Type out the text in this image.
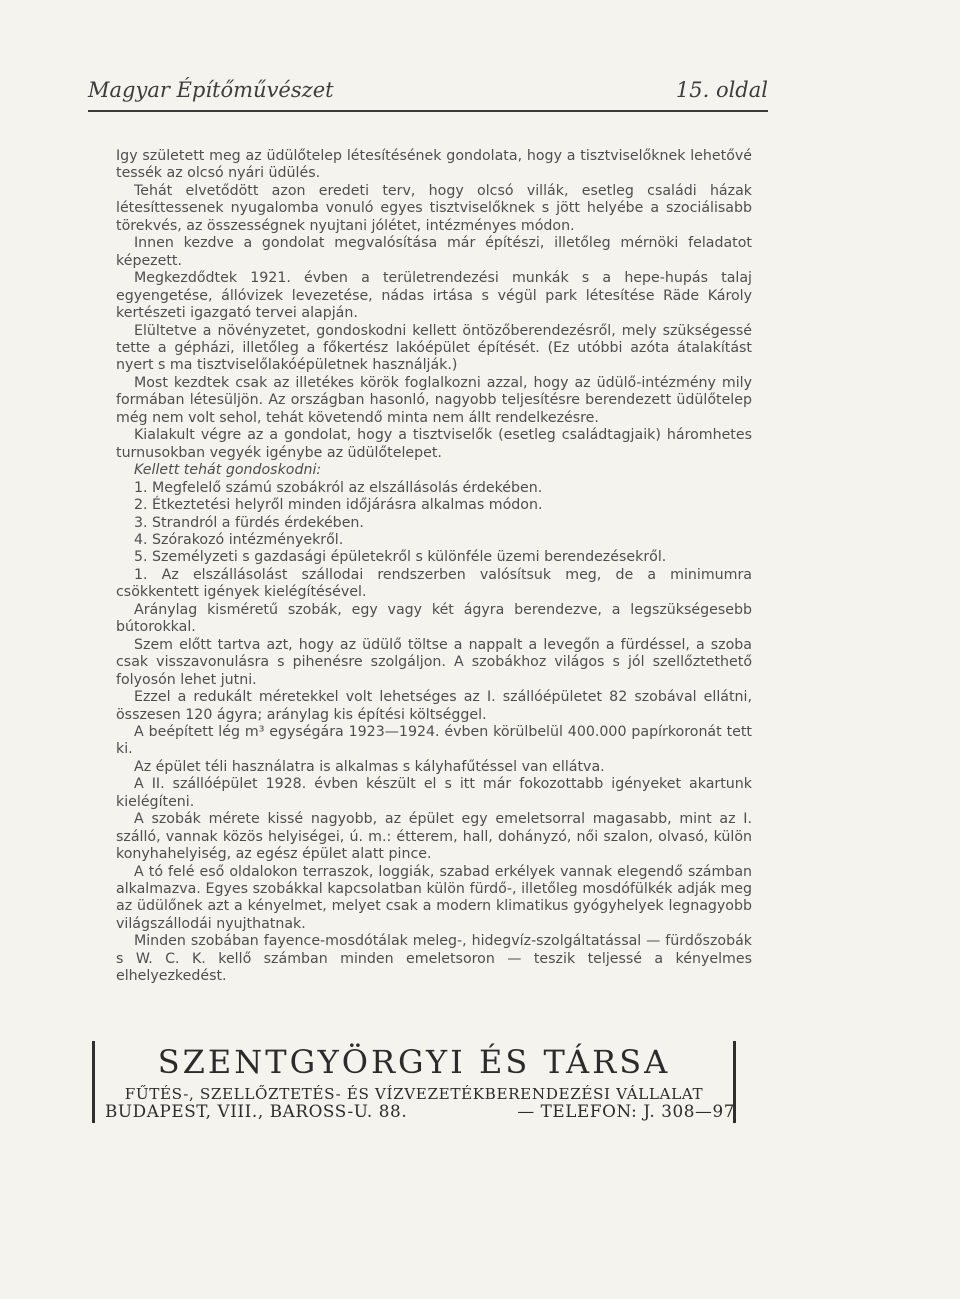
Magyar Építőművészet	15. oldal

Igy született meg az üdülőtelep létesítésének gondolata, hogy a tisztviselőknek lehetővé tessék az olcsó nyári üdülés.

Tehát elvetődött azon eredeti terv, hogy olcsó villák, esetleg családi házak létesíttessenek nyugalomba vonuló egyes tisztviselőknek s jött helyébe a szociálisabb törekvés, az összességnek nyujtani jólétet, intézményes módon.

Innen kezdve a gondolat megvalósítása már építészi, illetőleg mérnöki feladatot képezett.

Megkezdődtek 1921. évben a területrendezési munkák s a hepe-hupás talaj egyengetése, állóvizek levezetése, nádas irtása s végül park létesítése Räde Károly kertészeti igazgató tervei alapján.

Elültetve a növényzetet, gondoskodni kellett öntözőberendezésről, mely szükségessé tette a gépházi, illetőleg a főkertész lakóépület építését. (Ez utóbbi azóta átalakítást nyert s ma tisztviselőlakóépületnek használják.)

Most kezdtek csak az illetékes körök foglalkozni azzal, hogy az üdülő-intézmény mily formában létesüljön. Az országban hasonló, nagyobb teljesítésre berendezett üdülőtelep még nem volt sehol, tehát követendő minta nem állt rendelkezésre.

Kialakult végre az a gondolat, hogy a tisztviselők (esetleg családtagjaik) háromhetes turnusokban vegyék igénybe az üdülőtelepet.

Kellett tehát gondoskodni:

1. Megfelelő számú szobákról az elszállásolás érdekében.
2. Étkeztetési helyről minden időjárásra alkalmas módon.
3. Strandról a fürdés érdekében.
4. Szórakozó intézményekről.
5. Személyzeti s gazdasági épületekről s különféle üzemi berendezésekről.

1. Az elszállásolást szállodai rendszerben valósítsuk meg, de a minimumra csökkentett igények kielégítésével.

Aránylag kisméretű szobák, egy vagy két ágyra berendezve, a legszükségesebb bútorokkal.

Szem előtt tartva azt, hogy az üdülő töltse a nappalt a levegőn a fürdéssel, a szoba csak visszavonulásra s pihenésre szolgáljon. A szobákhoz világos s jól szellőztethető folyosón lehet jutni.

Ezzel a redukált méretekkel volt lehetséges az I. szállóépületet 82 szobával ellátni, összesen 120 ágyra; aránylag kis építési költséggel.

A beépített lég m³ egységára 1923—1924. évben körülbelül 400.000 papírkoronát tett ki.

Az épület téli használatra is alkalmas s kályhafűtéssel van ellátva.

A II. szállóépület 1928. évben készült el s itt már fokozottabb igényeket akartunk kielégíteni.

A szobák mérete kissé nagyobb, az épület egy emeletsorral magasabb, mint az I. szálló, vannak közös helyiségei, ú. m.: étterem, hall, dohányzó, női szalon, olvasó, külön konyhahelyiség, az egész épület alatt pince.

A tó felé eső oldalokon terraszok, loggiák, szabad erkélyek vannak elegendő számban alkalmazva. Egyes szobákkal kapcsolatban külön fürdő-, illetőleg mosdófülkék adják meg az üdülőnek azt a kényelmet, melyet csak a modern klimatikus gyógyhelyek legnagyobb világszállodái nyujthatnak.

Minden szobában fayence-mosdótálak meleg-, hidegvíz-szolgáltatással — fürdőszobák s W. C. K. kellő számban minden emeletsoron — teszik teljessé a kényelmes elhelyezkedést.

SZENTGYÖRGYI ÉS TÁRSA
FŰTÉS-, SZELLŐZTETÉS- ÉS VÍZVEZETÉKBERENDEZÉSI VÁLLALAT
BUDAPEST, VIII., BAROSS-U. 88.	— TELEFON: J. 308—97
